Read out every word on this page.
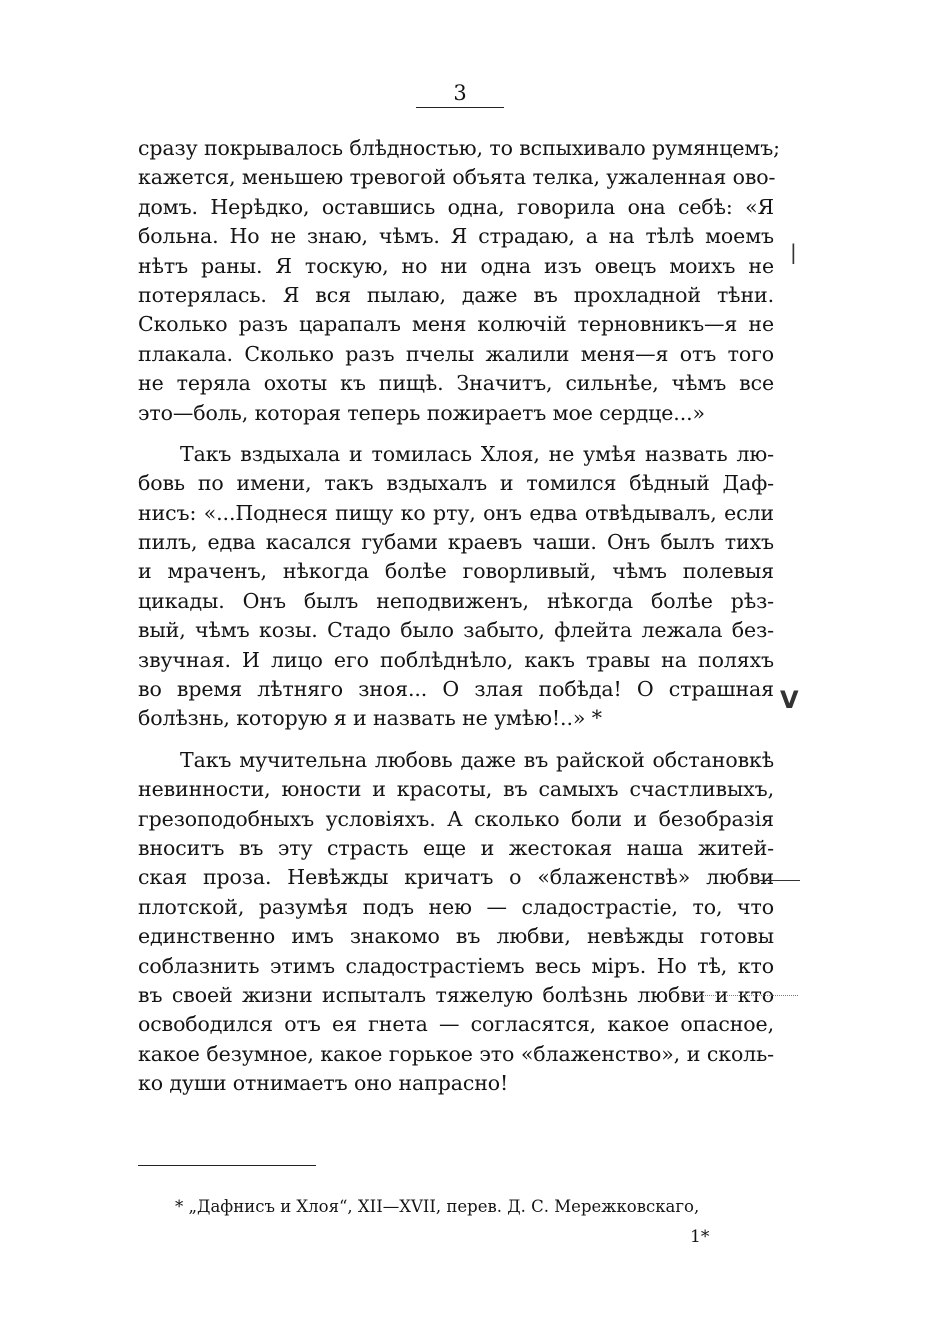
3
сразу покрывалось блѣдностью, то вспыхивало румянцемъ;
кажется, меньшею тревогой объята телка, ужаленная ово-
домъ. Нерѣдко, оставшись одна, говорила она себѣ: «Я
больна. Но не знаю, чѣмъ. Я страдаю, а на тѣлѣ моемъ
нѣтъ раны. Я тоскую, но ни одна изъ овецъ моихъ не
потерялась. Я вся пылаю, даже въ прохладной тѣни.
Сколько разъ царапалъ меня колючій терновникъ—я не
плакала. Сколько разъ пчелы жалили меня—я отъ того
не теряла охоты къ пищѣ. Значитъ, сильнѣе, чѣмъ все
это—боль, которая теперь пожираетъ мое сердце...»
Такъ вздыхала и томилась Хлоя, не умѣя назвать лю-
бовь по имени, такъ вздыхалъ и томился бѣдный Даф-
нисъ: «...Поднеся пищу ко рту, онъ едва отвѣдывалъ, если
пилъ, едва касался губами краевъ чаши. Онъ былъ тихъ
и мраченъ, нѣкогда болѣе говорливый, чѣмъ полевыя
цикады. Онъ былъ неподвиженъ, нѣкогда болѣе рѣз-
вый, чѣмъ козы. Стадо было забыто, флейта лежала без-
звучная. И лицо его поблѣднѣло, какъ травы на поляхъ
во время лѣтняго зноя... О злая побѣда! О страшная
болѣзнь, которую я и назвать не умѣю!..» *
Такъ мучительна любовь даже въ райской обстановкѣ
невинности, юности и красоты, въ самыхъ счастливыхъ,
грезоподобныхъ условіяхъ. А сколько боли и безобразія
вноситъ въ эту страсть еще и жестокая наша житей-
ская проза. Невѣжды кричатъ о «блаженствѣ» любви
плотской, разумѣя подъ нею — сладострастіе, то, что
единственно имъ знакомо въ любви, невѣжды готовы
соблазнить этимъ сладострастіемъ весь міръ. Но тѣ, кто
въ своей жизни испыталъ тяжелую болѣзнь любви и кто
освободился отъ ея гнета — согласятся, какое опасное,
какое безумное, какое горькое это «блаженство», и сколь-
ко души отнимаетъ оно напрасно!
* „Дафнисъ и Хлоя“, XII—XVII, перев. Д. С. Мережковскаго,
1*
|
V
